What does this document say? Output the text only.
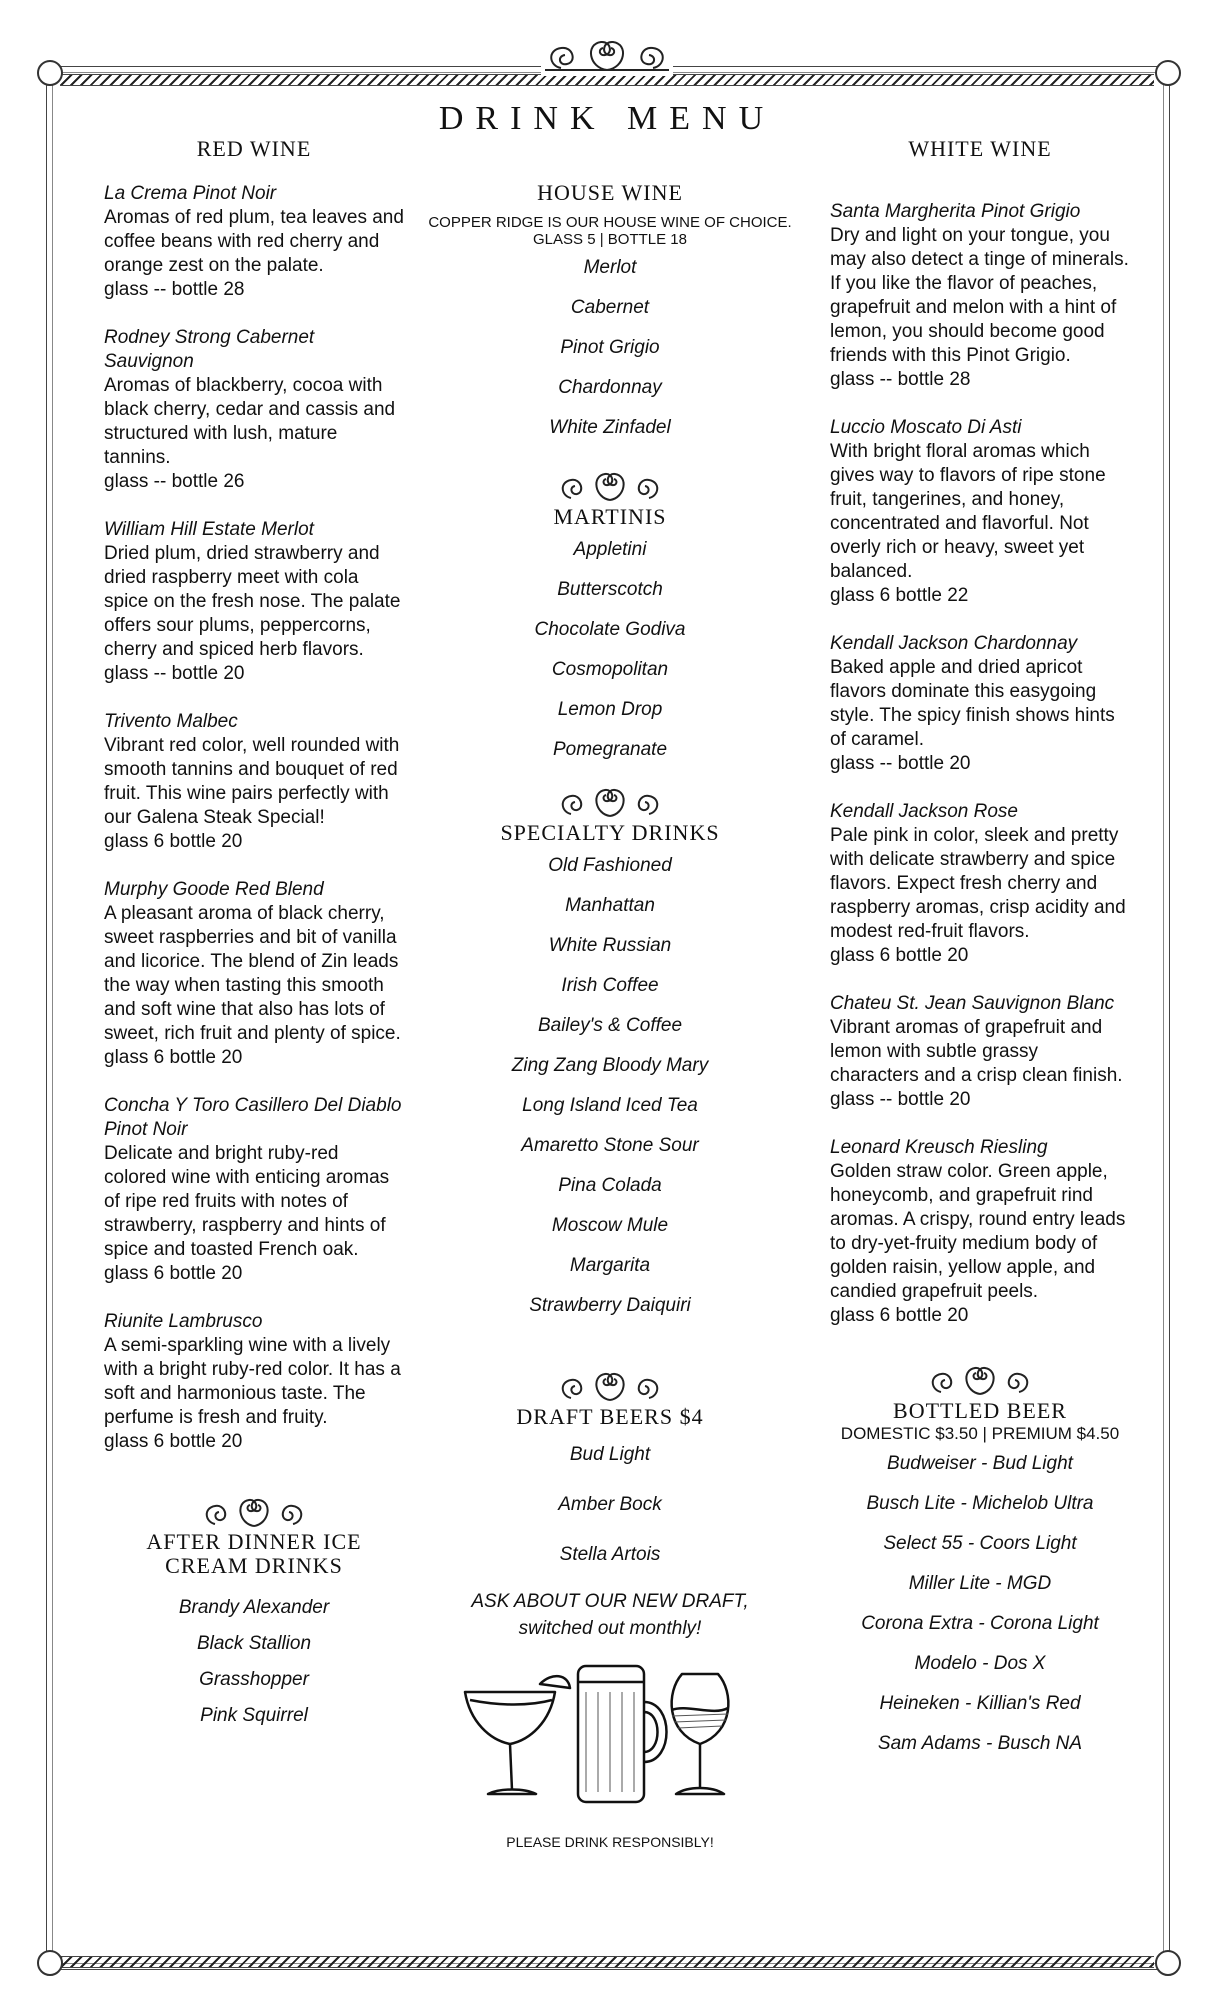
DRINK MENU
RED WINE
La Crema Pinot Noir
Aromas of red plum, tea leaves and coffee beans with red cherry and orange zest on the palate.
glass -- bottle 28
Rodney Strong Cabernet Sauvignon
Aromas of blackberry, cocoa with black cherry, cedar and cassis and structured with lush, mature tannins.
glass -- bottle 26
William Hill Estate Merlot
Dried plum, dried strawberry and dried raspberry meet with cola spice on the fresh nose. The palate offers sour plums, peppercorns, cherry and spiced herb flavors.
glass -- bottle 20
Trivento Malbec
Vibrant red color, well rounded with smooth tannins and bouquet of red fruit. This wine pairs perfectly with our Galena Steak Special!
glass 6 bottle 20
Murphy Goode Red Blend
A pleasant aroma of black cherry, sweet raspberries and bit of vanilla and licorice. The blend of Zin leads the way when tasting this smooth and soft wine that also has lots of sweet, rich fruit and plenty of spice.
glass 6 bottle 20
Concha Y Toro Casillero Del Diablo Pinot Noir
Delicate and bright ruby-red colored wine with enticing aromas of ripe red fruits with notes of strawberry, raspberry and hints of spice and toasted French oak.
glass 6 bottle 20
Riunite Lambrusco
A semi-sparkling wine with a lively with a bright ruby-red color. It has a soft and harmonious taste. The perfume is fresh and fruity.
glass 6 bottle 20
AFTER DINNER ICE CREAM DRINKS
Brandy Alexander
Black Stallion
Grasshopper
Pink Squirrel
HOUSE WINE
COPPER RIDGE IS OUR HOUSE WINE OF CHOICE.
GLASS 5 | BOTTLE 18
Merlot
Cabernet
Pinot Grigio
Chardonnay
White Zinfadel
MARTINIS
Appletini
Butterscotch
Chocolate Godiva
Cosmopolitan
Lemon Drop
Pomegranate
SPECIALTY DRINKS
Old Fashioned
Manhattan
White Russian
Irish Coffee
Bailey's & Coffee
Zing Zang Bloody Mary
Long Island Iced Tea
Amaretto Stone Sour
Pina Colada
Moscow Mule
Margarita
Strawberry Daiquiri
DRAFT BEERS $4
Bud Light
Amber Bock
Stella Artois
ASK ABOUT OUR NEW DRAFT,
switched out monthly!
PLEASE DRINK RESPONSIBLY!
WHITE WINE
Santa Margherita Pinot Grigio
Dry and light on your tongue, you may also detect a tinge of minerals. If you like the flavor of peaches, grapefruit and melon with a hint of lemon, you should become good friends with this Pinot Grigio.
glass -- bottle 28
Luccio Moscato Di Asti
With bright floral aromas which gives way to flavors of ripe stone fruit, tangerines, and honey, concentrated and flavorful. Not overly rich or heavy, sweet yet balanced.
glass 6 bottle 22
Kendall Jackson Chardonnay
Baked apple and dried apricot flavors dominate this easygoing style. The spicy finish shows hints of caramel.
glass -- bottle 20
Kendall Jackson Rose
Pale pink in color, sleek and pretty with delicate strawberry and spice flavors. Expect fresh cherry and raspberry aromas, crisp acidity and modest red-fruit flavors.
glass 6 bottle 20
Chateu St. Jean Sauvignon Blanc
Vibrant aromas of grapefruit and lemon with subtle grassy characters and a crisp clean finish.
glass -- bottle 20
Leonard Kreusch Riesling
Golden straw color. Green apple, honeycomb, and grapefruit rind aromas. A crispy, round entry leads to dry-yet-fruity medium body of golden raisin, yellow apple, and candied grapefruit peels.
glass 6 bottle 20
BOTTLED BEER
DOMESTIC $3.50 | PREMIUM $4.50
Budweiser - Bud Light
Busch Lite - Michelob Ultra
Select 55 - Coors Light
Miller Lite - MGD
Corona Extra - Corona Light
Modelo - Dos X
Heineken - Killian's Red
Sam Adams - Busch NA
